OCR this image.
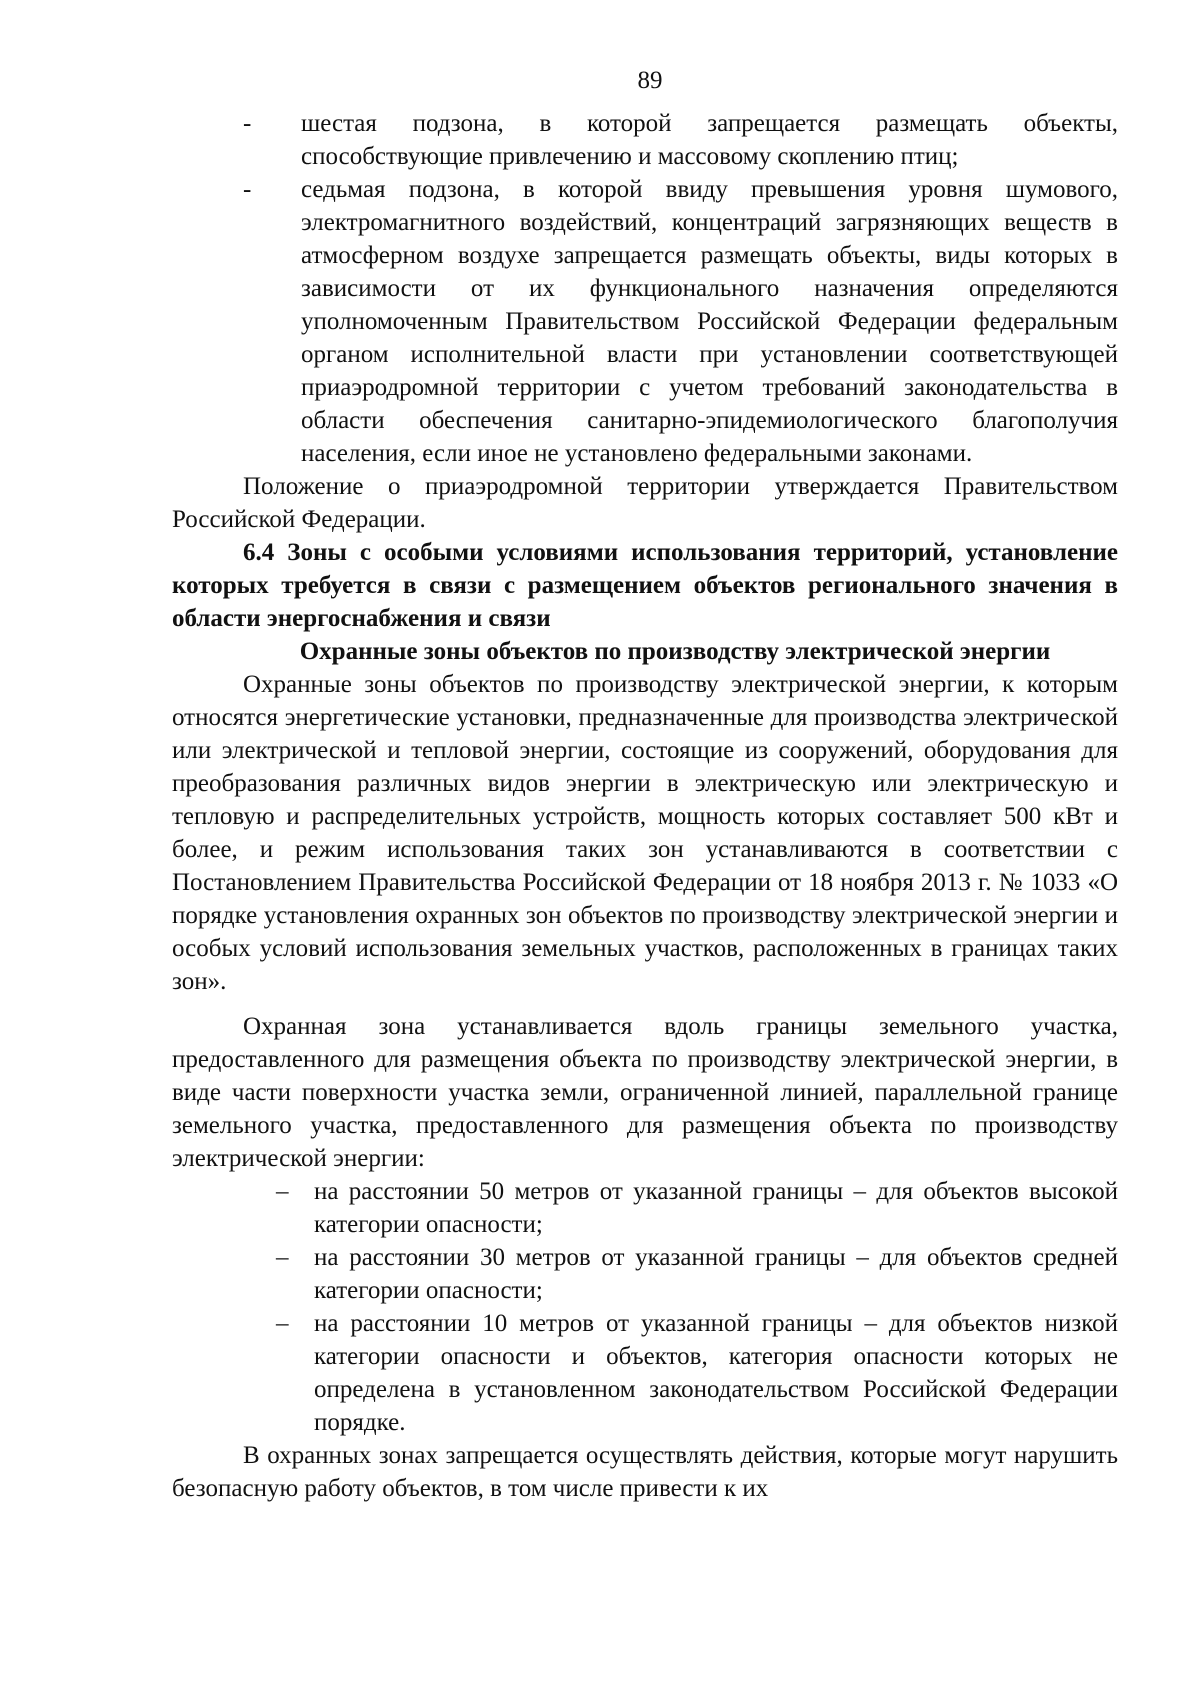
89

- шестая подзона, в которой запрещается размещать объекты, способствующие привлечению и массовому скоплению птиц;

- седьмая подзона, в которой ввиду превышения уровня шумового, электромагнитного воздействий, концентраций загрязняющих веществ в атмосферном воздухе запрещается размещать объекты, виды которых в зависимости от их функционального назначения определяются уполномоченным Правительством Российской Федерации федеральным органом исполнительной власти при установлении соответствующей приаэродромной территории с учетом требований законодательства в области обеспечения санитарно-эпидемиологического благополучия населения, если иное не установлено федеральными законами.

Положение о приаэродромной территории утверждается Правительством Российской Федерации.

6.4 Зоны с особыми условиями использования территорий, установление которых требуется в связи с размещением объектов регионального значения в области энергоснабжения и связи

Охранные зоны объектов по производству электрической энергии

Охранные зоны объектов по производству электрической энергии, к которым относятся энергетические установки, предназначенные для производства электрической или электрической и тепловой энергии, состоящие из сооружений, оборудования для преобразования различных видов энергии в электрическую или электрическую и тепловую и распределительных устройств, мощность которых составляет 500 кВт и более, и режим использования таких зон устанавливаются в соответствии с Постановлением Правительства Российской Федерации от 18 ноября 2013 г. № 1033 «О порядке установления охранных зон объектов по производству электрической энергии и особых условий использования земельных участков, расположенных в границах таких зон».

Охранная зона устанавливается вдоль границы земельного участка, предоставленного для размещения объекта по производству электрической энергии, в виде части поверхности участка земли, ограниченной линией, параллельной границе земельного участка, предоставленного для размещения объекта по производству электрической энергии:

– на расстоянии 50 метров от указанной границы – для объектов высокой категории опасности;

– на расстоянии 30 метров от указанной границы – для объектов средней категории опасности;

– на расстоянии 10 метров от указанной границы – для объектов низкой категории опасности и объектов, категория опасности которых не определена в установленном законодательством Российской Федерации порядке.

В охранных зонах запрещается осуществлять действия, которые могут нарушить безопасную работу объектов, в том числе привести к их
